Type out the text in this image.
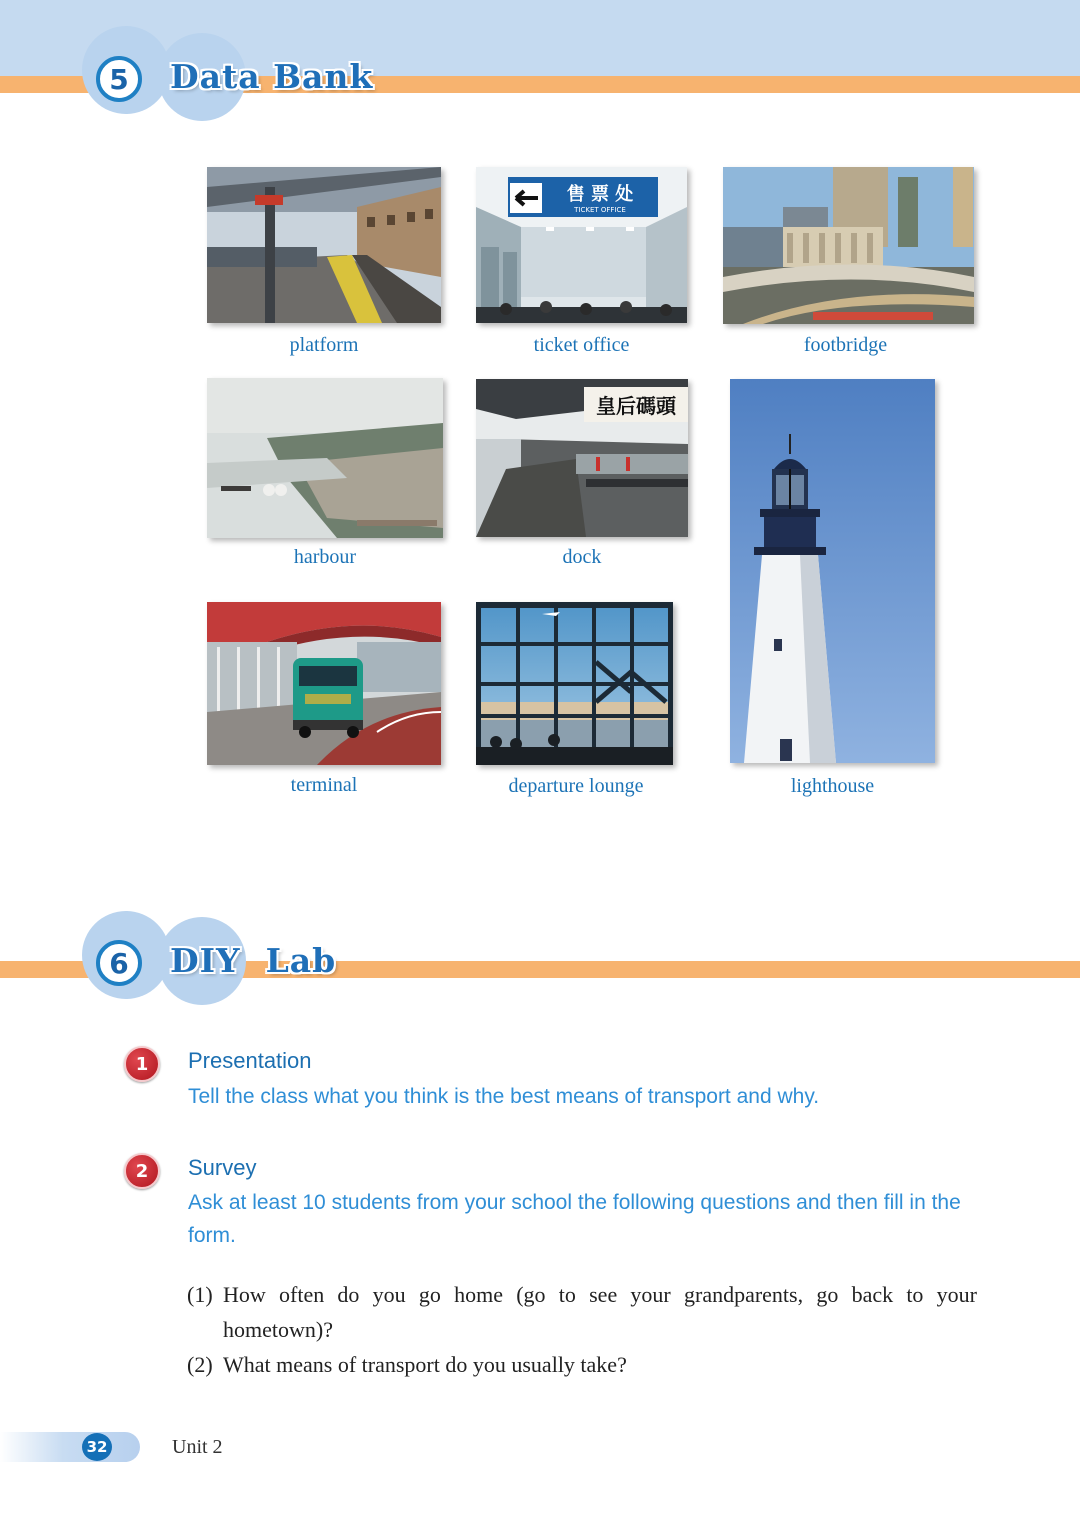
5	Data Bank
platform
售 票 处
TICKET OFFICE
ticket office	footbridge
harbour
皇后碼頭
dock
lighthouse
terminal	departure lounge
6	DIY  Lab
1	Presentation
Tell the class what you think is the best means of transport and why.
2	Survey
Ask at least 10 students from your school the following questions and then fill in the form.
(1) How often do you go home (go to see your grandparents, go back to your hometown)?
(2) What means of transport do you usually take?
32	Unit 2
